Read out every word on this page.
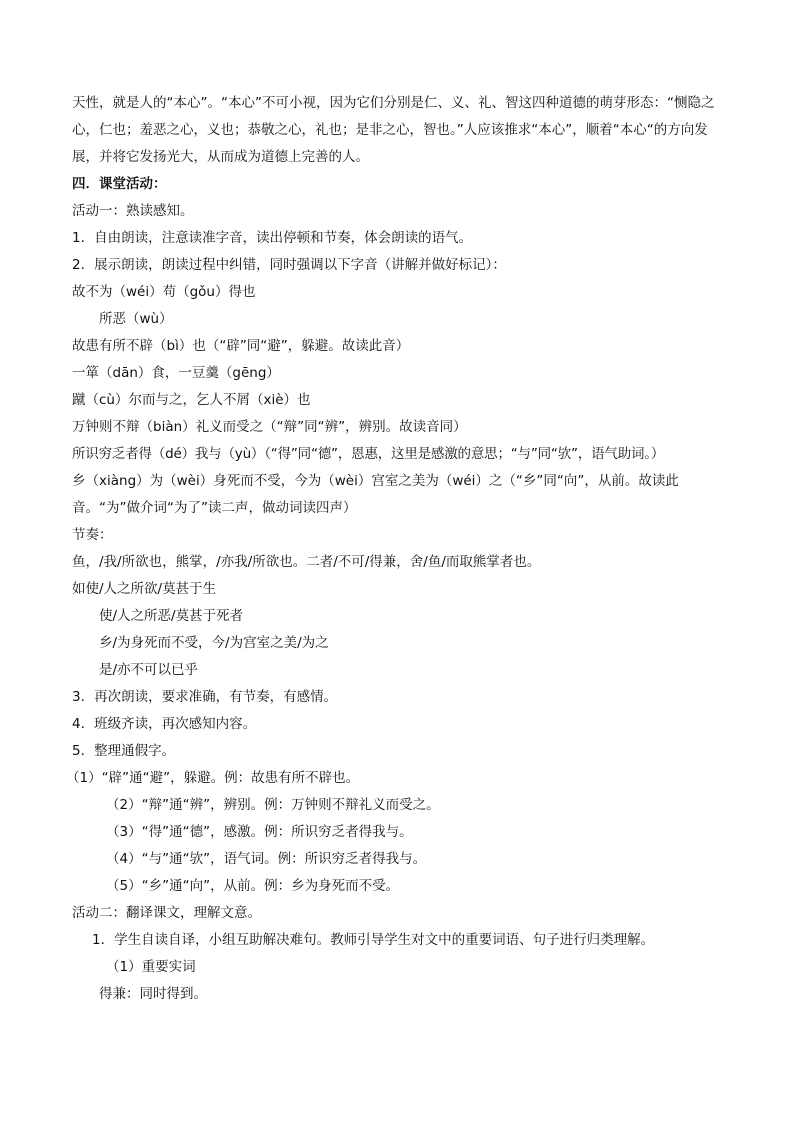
天性，就是人的“本心”。“本心”不可小视，因为它们分别是仁、义、礼、智这四种道德的萌芽形态：“恻隐之心，仁也；羞恶之心，义也；恭敬之心，礼也；是非之心，智也。”人应该推求“本心”，顺着“本心“的方向发展，并将它发扬光大，从而成为道德上完善的人。
四．课堂活动：
活动一：熟读感知。
1．自由朗读，注意读准字音，读出停顿和节奏，体会朗读的语气。
2．展示朗读，朗读过程中纠错，同时强调以下字音（讲解并做好标记）：
故不为（wéi）苟（gǒu）得也
所恶（wù）
故患有所不辟（bì）也（“辟”同“避”，躲避。故读此音）
一箪（dān）食，一豆羹（gēng）
蹴（cù）尔而与之，乞人不屑（xiè）也
万钟则不辩（biàn）礼义而受之（“辩”同“辨”，辨别。故读音同）
所识穷乏者得（dé）我与（yù）（“得”同“德”，恩惠，这里是感激的意思；“与”同“欤”，语气助词。）
乡（xiàng）为（wèi）身死而不受，今为（wèi）宫室之美为（wéi）之（“乡”同“向”，从前。故读此音。“为”做介词“为了”读二声，做动词读四声）
节奏：
鱼，/我/所欲也，熊掌，/亦我/所欲也。二者/不可/得兼，舍/鱼/而取熊掌者也。
如使/人之所欲/莫甚于生
使/人之所恶/莫甚于死者
乡/为身死而不受，今/为宫室之美/为之
是/亦不可以已乎
3．再次朗读，要求准确，有节奏，有感情。
4．班级齐读，再次感知内容。
5．整理通假字。
（1）“辟”通“避”，躲避。例：故患有所不辟也。
（2）“辩”通“辨”，辨别。例：万钟则不辩礼义而受之。
（3）“得”通“德”，感激。例：所识穷乏者得我与。
（4）“与”通“欤”，语气词。例：所识穷乏者得我与。
（5）“乡”通“向”，从前。例：乡为身死而不受。
活动二：翻译课文，理解文意。
1．学生自读自译，小组互助解决难句。教师引导学生对文中的重要词语、句子进行归类理解。
（1）重要实词
得兼：同时得到。
